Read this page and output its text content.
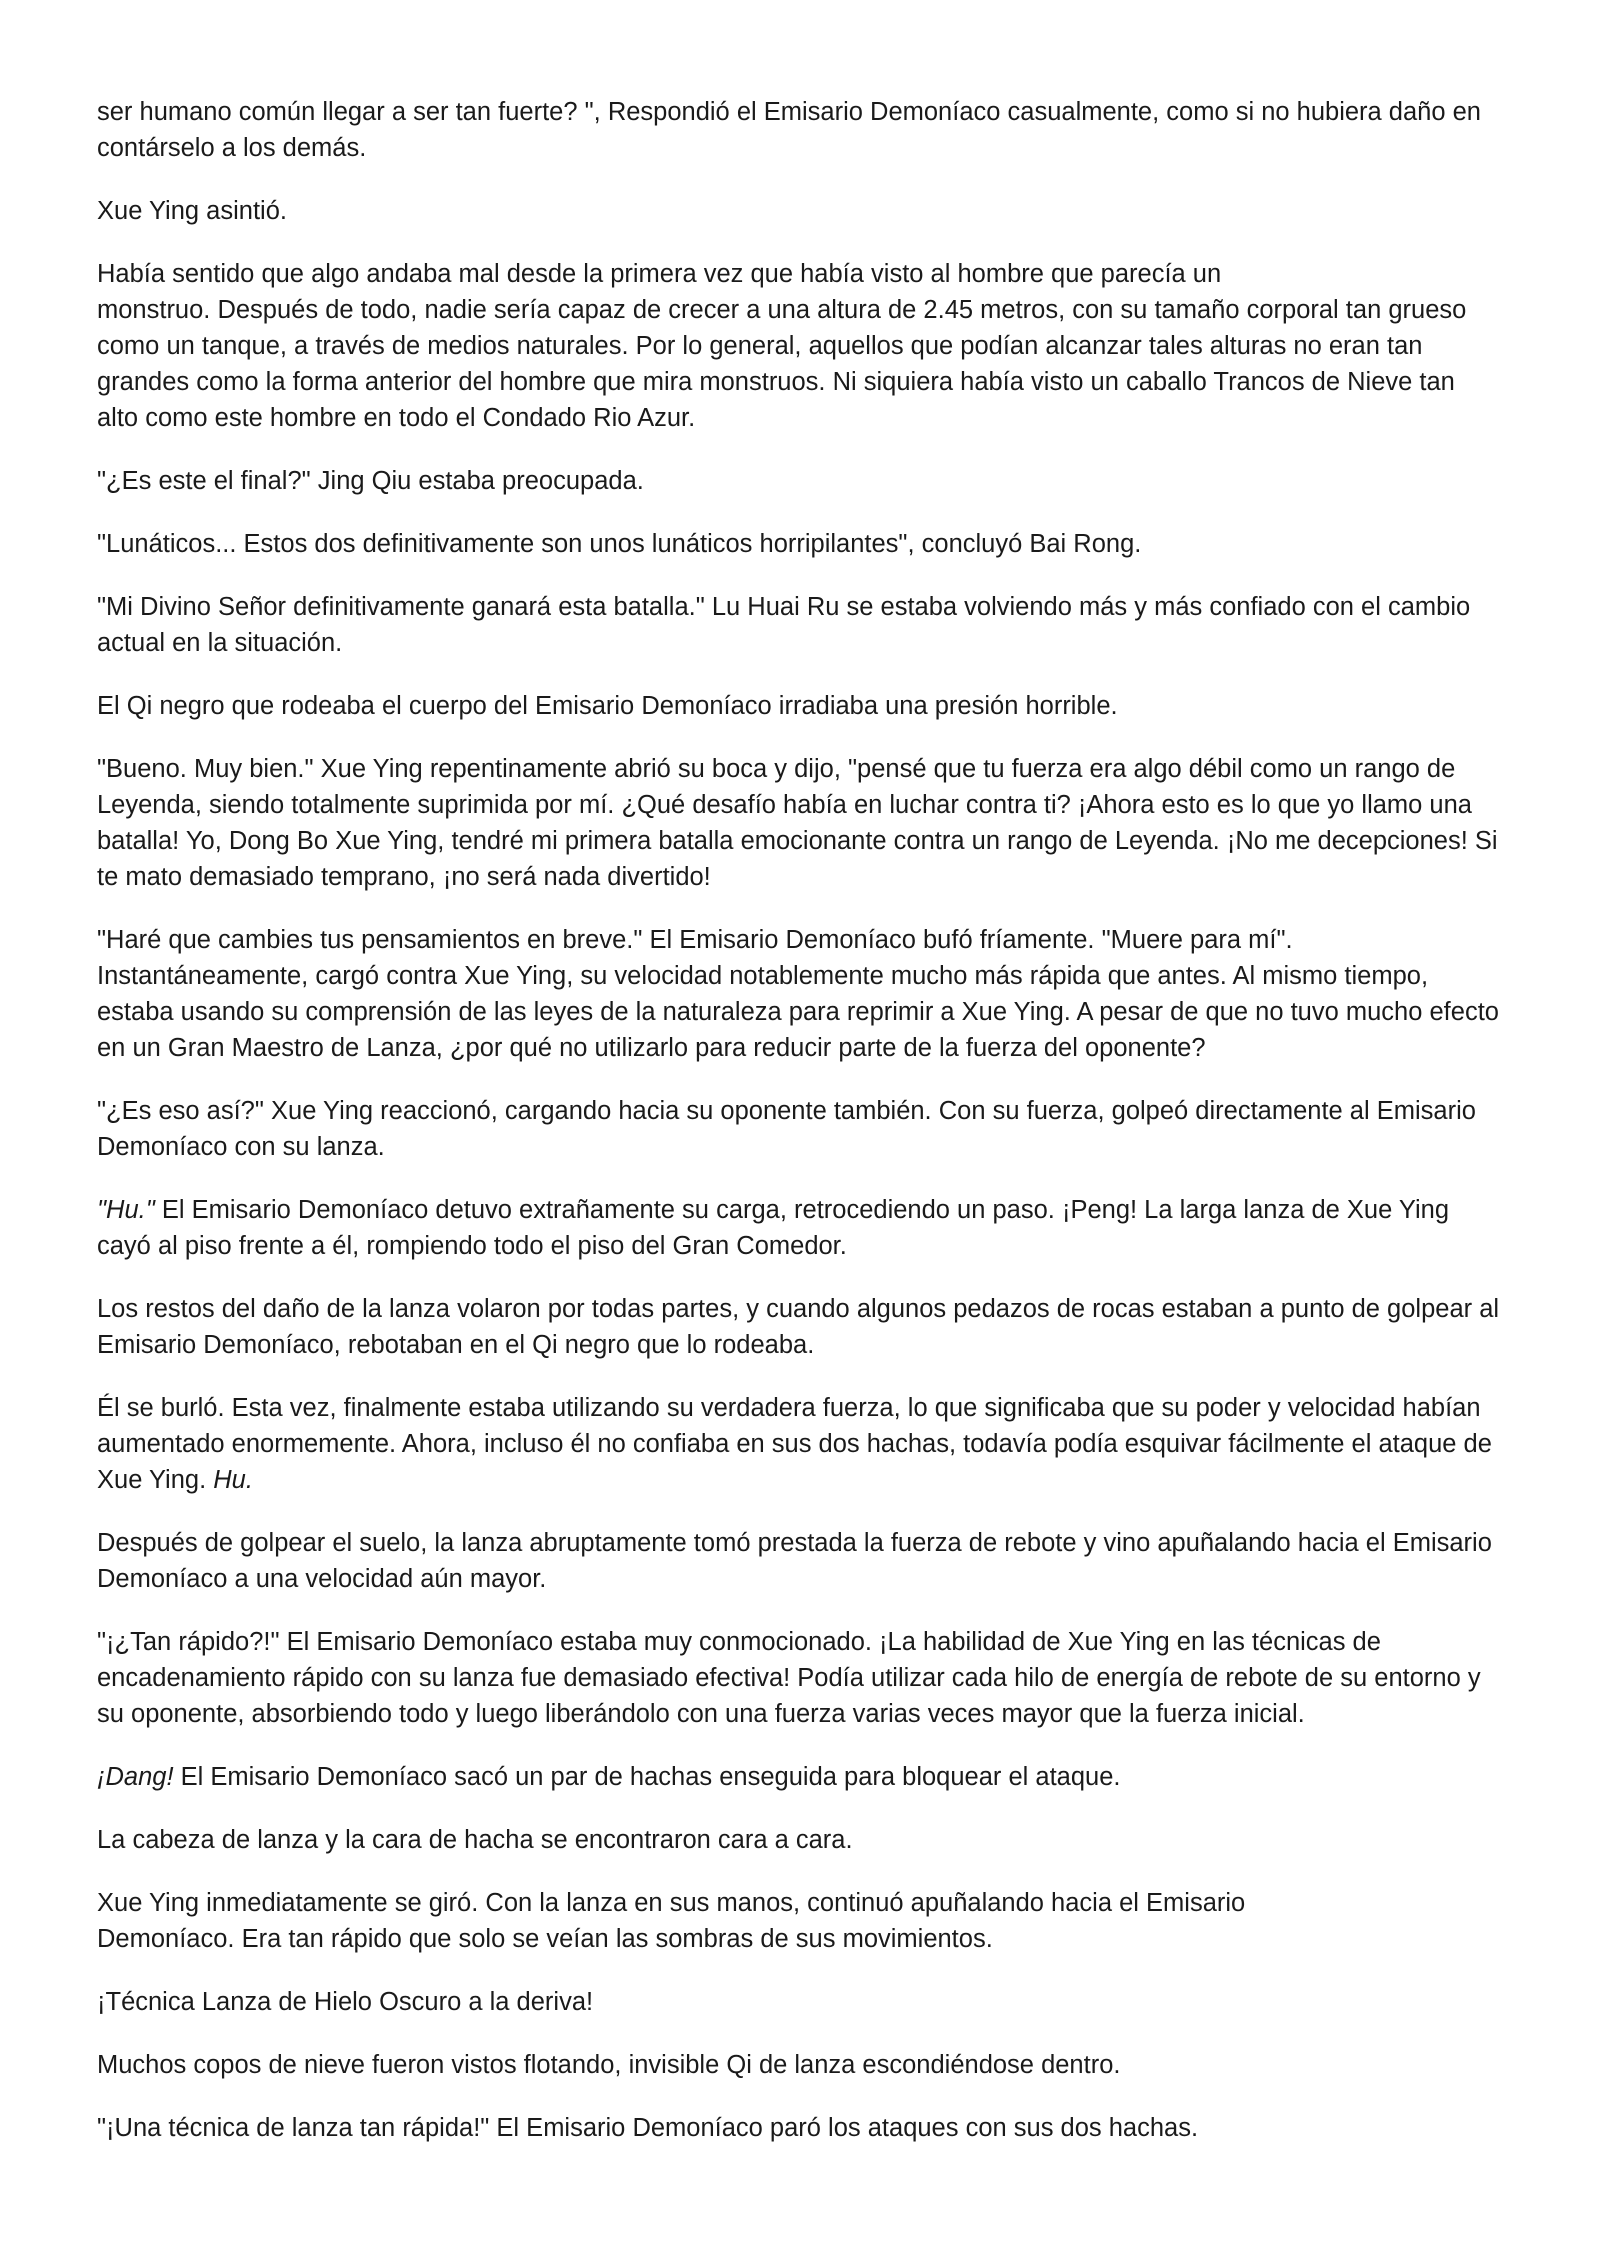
ser humano común llegar a ser tan fuerte? ", Respondió el Emisario Demoníaco casualmente, como si no hubiera daño en contárselo a los demás.

Xue Ying asintió.

Había sentido que algo andaba mal desde la primera vez que había visto al hombre que parecía un
monstruo. Después de todo, nadie sería capaz de crecer a una altura de 2.45 metros, con su tamaño corporal tan grueso como un tanque, a través de medios naturales. Por lo general, aquellos que podían alcanzar tales alturas no eran tan grandes como la forma anterior del hombre que mira monstruos. Ni siquiera había visto un caballo Trancos de Nieve tan alto como este hombre en todo el Condado Rio Azur.

"¿Es este el final?" Jing Qiu estaba preocupada.

"Lunáticos... Estos dos definitivamente son unos lunáticos horripilantes", concluyó Bai Rong.

"Mi Divino Señor definitivamente ganará esta batalla." Lu Huai Ru se estaba volviendo más y más confiado con el cambio actual en la situación.

El Qi negro que rodeaba el cuerpo del Emisario Demoníaco irradiaba una presión horrible.

"Bueno. Muy bien." Xue Ying repentinamente abrió su boca y dijo, "pensé que tu fuerza era algo débil como un rango de Leyenda, siendo totalmente suprimida por mí. ¿Qué desafío había en luchar contra ti? ¡Ahora esto es lo que yo llamo una batalla! Yo, Dong Bo Xue Ying, tendré mi primera batalla emocionante contra un rango de Leyenda. ¡No me decepciones! Si te mato demasiado temprano, ¡no será nada divertido!

"Haré que cambies tus pensamientos en breve." El Emisario Demoníaco bufó fríamente. "Muere para mí".
Instantáneamente, cargó contra Xue Ying, su velocidad notablemente mucho más rápida que antes. Al mismo tiempo, estaba usando su comprensión de las leyes de la naturaleza para reprimir a Xue Ying. A pesar de que no tuvo mucho efecto en un Gran Maestro de Lanza, ¿por qué no utilizarlo para reducir parte de la fuerza del oponente?

"¿Es eso así?" Xue Ying reaccionó, cargando hacia su oponente también. Con su fuerza, golpeó directamente al Emisario Demoníaco con su lanza.

"Hu." El Emisario Demoníaco detuvo extrañamente su carga, retrocediendo un paso. ¡Peng! La larga lanza de Xue Ying cayó al piso frente a él, rompiendo todo el piso del Gran Comedor.

Los restos del daño de la lanza volaron por todas partes, y cuando algunos pedazos de rocas estaban a punto de golpear al Emisario Demoníaco, rebotaban en el Qi negro que lo rodeaba.

Él se burló. Esta vez, finalmente estaba utilizando su verdadera fuerza, lo que significaba que su poder y velocidad habían aumentado enormemente. Ahora, incluso él no confiaba en sus dos hachas, todavía podía esquivar fácilmente el ataque de Xue Ying. Hu.

Después de golpear el suelo, la lanza abruptamente tomó prestada la fuerza de rebote y vino apuñalando hacia el Emisario Demoníaco a una velocidad aún mayor.

"¡¿Tan rápido?!" El Emisario Demoníaco estaba muy conmocionado. ¡La habilidad de Xue Ying en las técnicas de encadenamiento rápido con su lanza fue demasiado efectiva! Podía utilizar cada hilo de energía de rebote de su entorno y su oponente, absorbiendo todo y luego liberándolo con una fuerza varias veces mayor que la fuerza inicial.

¡Dang! El Emisario Demoníaco sacó un par de hachas enseguida para bloquear el ataque.

La cabeza de lanza y la cara de hacha se encontraron cara a cara.

Xue Ying inmediatamente se giró. Con la lanza en sus manos, continuó apuñalando hacia el Emisario
Demoníaco. Era tan rápido que solo se veían las sombras de sus movimientos.

¡Técnica Lanza de Hielo Oscuro a la deriva!

Muchos copos de nieve fueron vistos flotando, invisible Qi de lanza escondiéndose dentro.

"¡Una técnica de lanza tan rápida!" El Emisario Demoníaco paró los ataques con sus dos hachas.
